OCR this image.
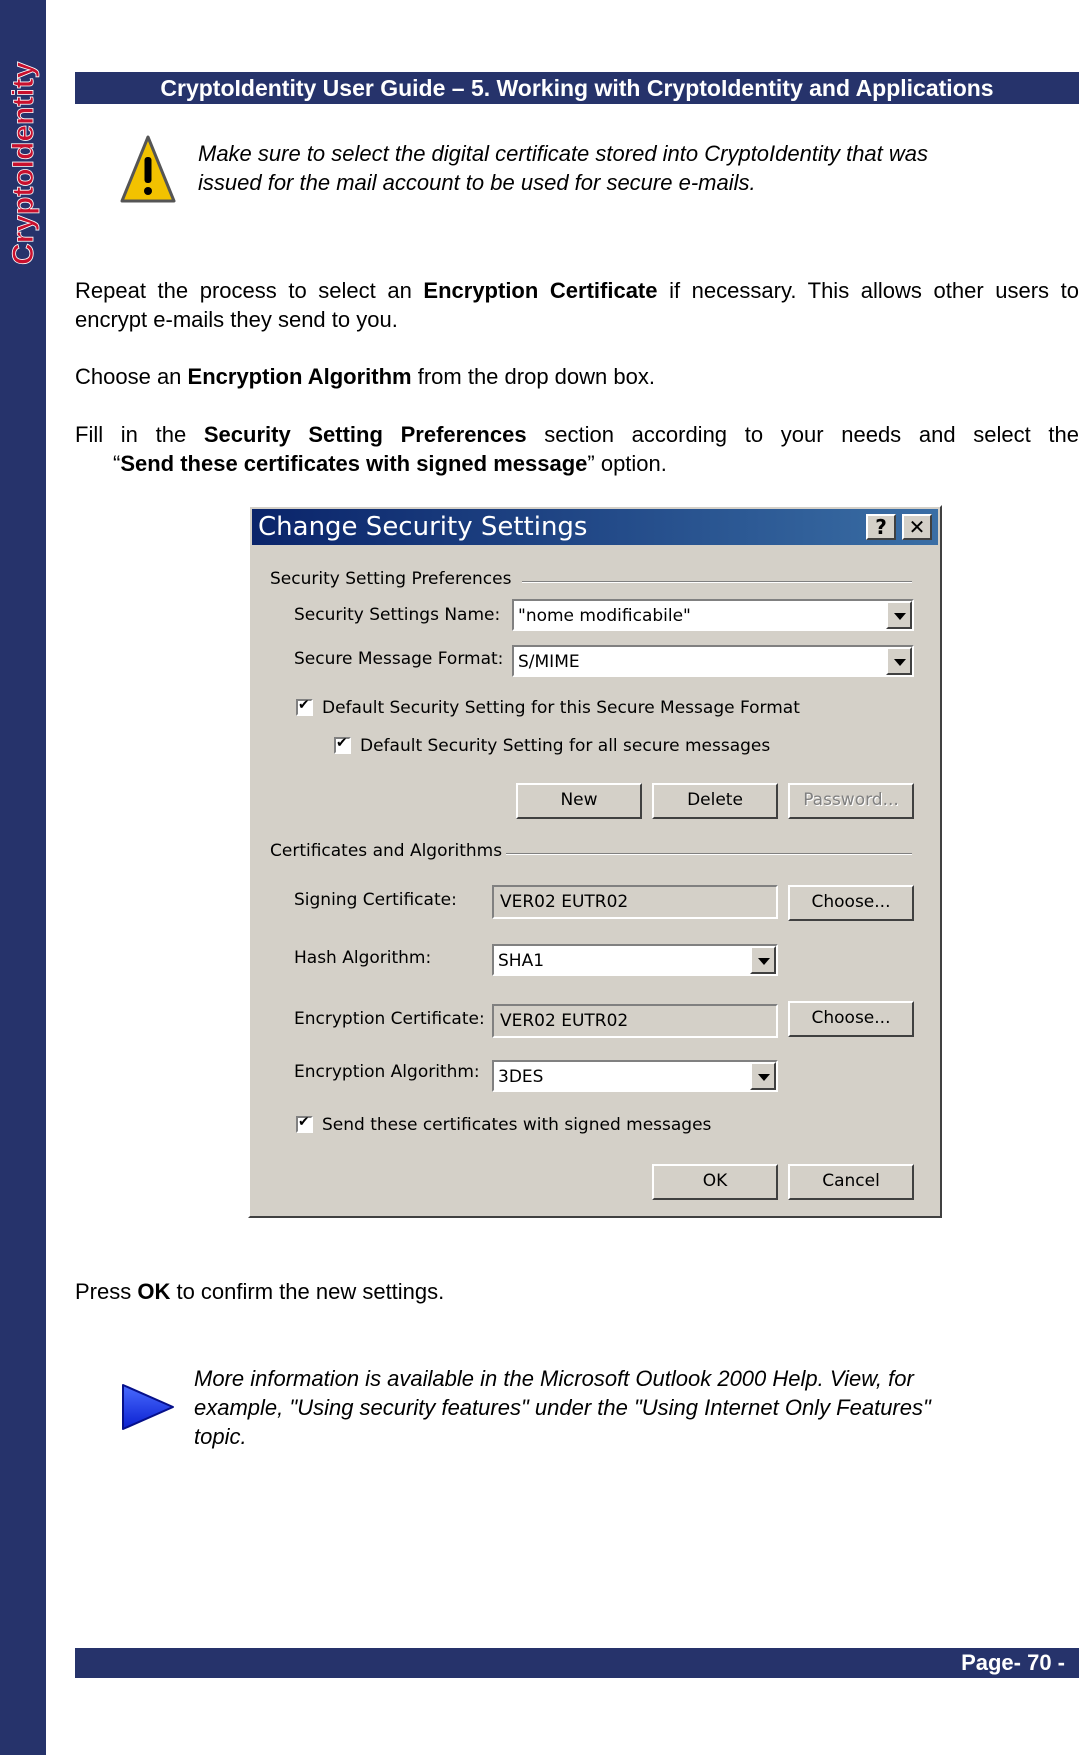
CryptoIdentity	CryptoIdentity User Guide – 5. Working with CryptoIdentity and Applications
Make sure to select the digital certificate stored into CryptoIdentity that was
issued for the mail account to be used for secure e-mails.
Repeat the process to select an Encryption Certificate if necessary. This allows other users to encrypt e-mails they send to you.
Choose an Encryption Algorithm from the drop down box.
Fill in the Security Setting Preferences section according to your needs and select the
“Send these certificates with signed message” option.
Change Security Settings	?	✕
Security Setting Preferences
Security Settings Name: "nome modificabile"
Secure Message Format: S/MIME
✔
Default Security Setting for this Secure Message Format
✔
Default Security Setting for all secure messages
New	Delete	Password...
Certificates and Algorithms
Signing Certificate:	VER02 EUTR02	Choose...
Hash Algorithm:	SHA1
Encryption Certificate: VER02 EUTR02	Choose...
Encryption Algorithm: 3DES
✔
Send these certificates with signed messages
OK	Cancel
Press OK to confirm the new settings.
More information is available in the Microsoft Outlook 2000 Help. View, for
example, "Using security features" under the "Using Internet Only Features"
topic.
Page- 70 -
